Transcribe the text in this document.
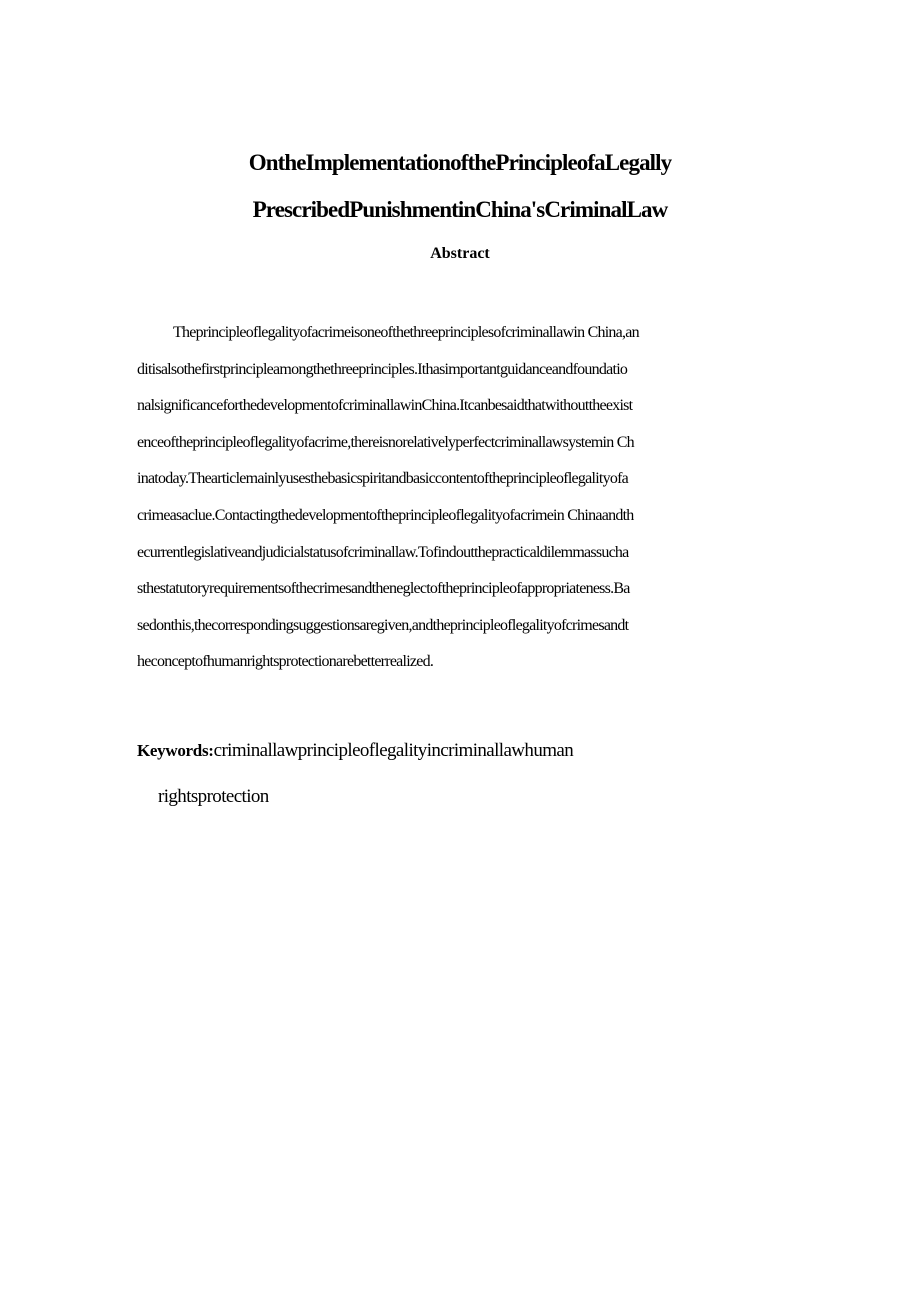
OntheImplementationofthePrincipleofaLegally
PrescribedPunishmentinChina'sCriminalLaw
Abstract
Theprincipleoflegalityofacrimeisoneofthethreeprinciplesofcriminallawin China,an
ditisalsothefirstprincipleamongthethreeprinciples.Ithasimportantguidanceandfoundatio
nalsignificanceforthedevelopmentofcriminallawinChina.Itcanbesaidthatwithouttheexist
enceoftheprincipleoflegalityofacrime,thereisnorelativelyperfectcriminallawsystemin Ch
inatoday.Thearticlemainlyusesthebasicspiritandbasiccontentoftheprincipleoflegalityofa
crimeasaclue.Contactingthedevelopmentoftheprincipleoflegalityofacrimein Chinaandth
ecurrentlegislativeandjudicialstatusofcriminallaw.Tofindoutthepracticaldilemmassucha
sthestatutoryrequirementsofthecrimesandtheneglectoftheprincipleofappropriateness.Ba
sedonthis,thecorrespondingsuggestionsaregiven,andtheprincipleoflegalityofcrimesandt
heconceptofhumanrightsprotectionarebetterrealized.
Keywords:criminallawprincipleoflegalityincriminallawhuman
rightsprotection
